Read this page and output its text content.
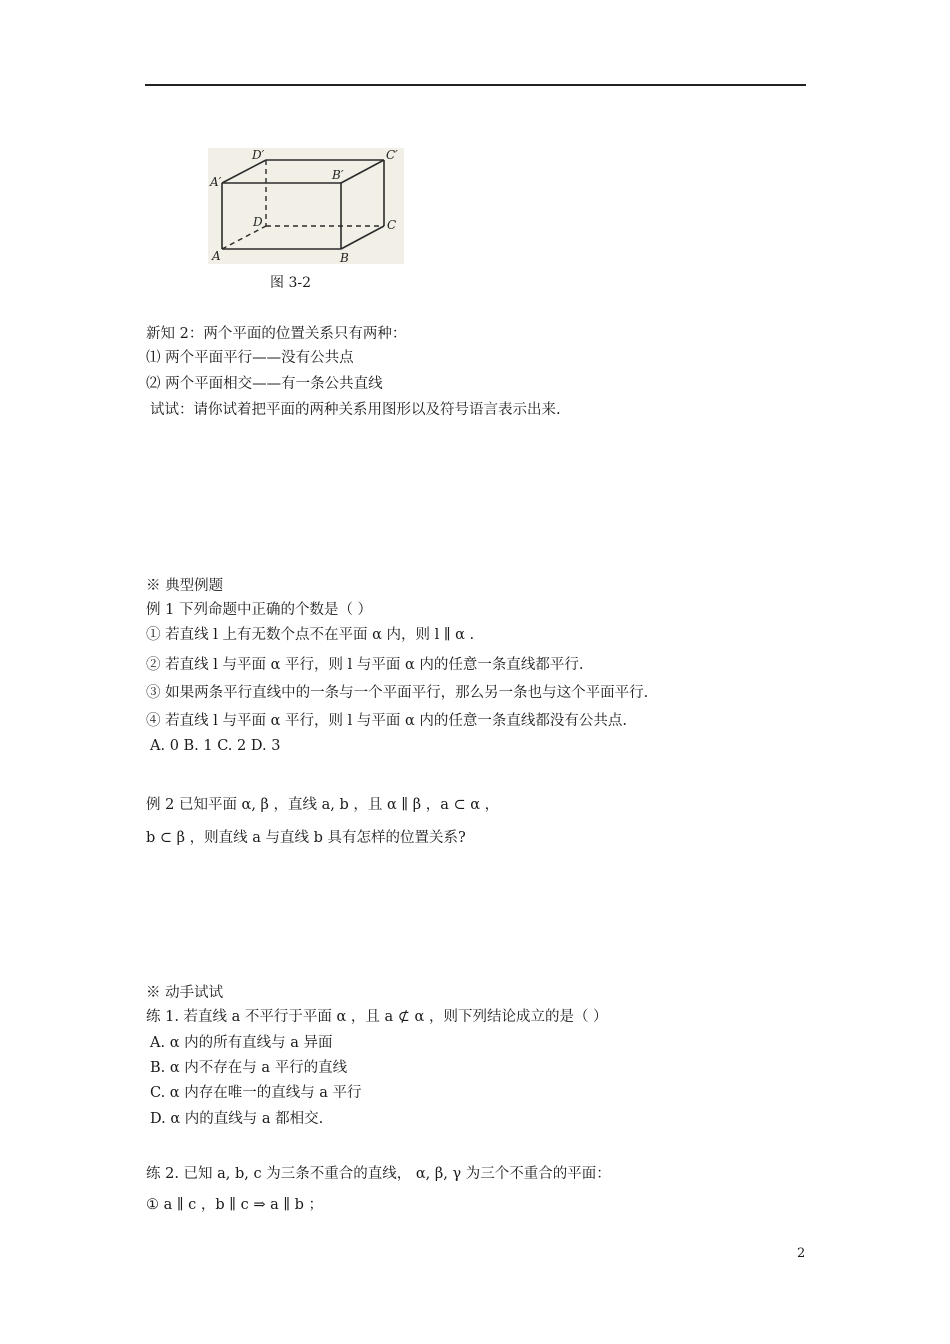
D′	C′
A′	B′
D	C
A	B
图 3-2
新知 2：两个平面的位置关系只有两种：
⑴ 两个平面平行——没有公共点
⑵ 两个平面相交——有一条公共直线
试试：请你试着把平面的两种关系用图形以及符号语言表示出来.
※ 典型例题
例 1 下列命题中正确的个数是（ ）
① 若直线 l 上有无数个点不在平面 α 内，则 l ∥ α .
② 若直线 l 与平面 α 平行，则 l 与平面 α 内的任意一条直线都平行.
③ 如果两条平行直线中的一条与一个平面平行，那么另一条也与这个平面平行.
④ 若直线 l 与平面 α 平行，则 l 与平面 α 内的任意一条直线都没有公共点.
A. 0 B. 1 C. 2 D. 3
例 2 已知平面 α, β ，直线 a, b ，且 α ∥ β ，a ⊂ α ，
b ⊂ β ，则直线 a 与直线 b 具有怎样的位置关系?
※ 动手试试
练 1. 若直线 a 不平行于平面 α ，且 a ⊄ α ，则下列结论成立的是（ ）
A. α 内的所有直线与 a 异面
B. α 内不存在与 a 平行的直线
C. α 内存在唯一的直线与 a 平行
D. α 内的直线与 a 都相交.
练 2. 已知 a, b, c 为三条不重合的直线， α, β, γ 为三个不重合的平面：
① a ∥ c ，b ∥ c ⇒ a ∥ b ；
2
